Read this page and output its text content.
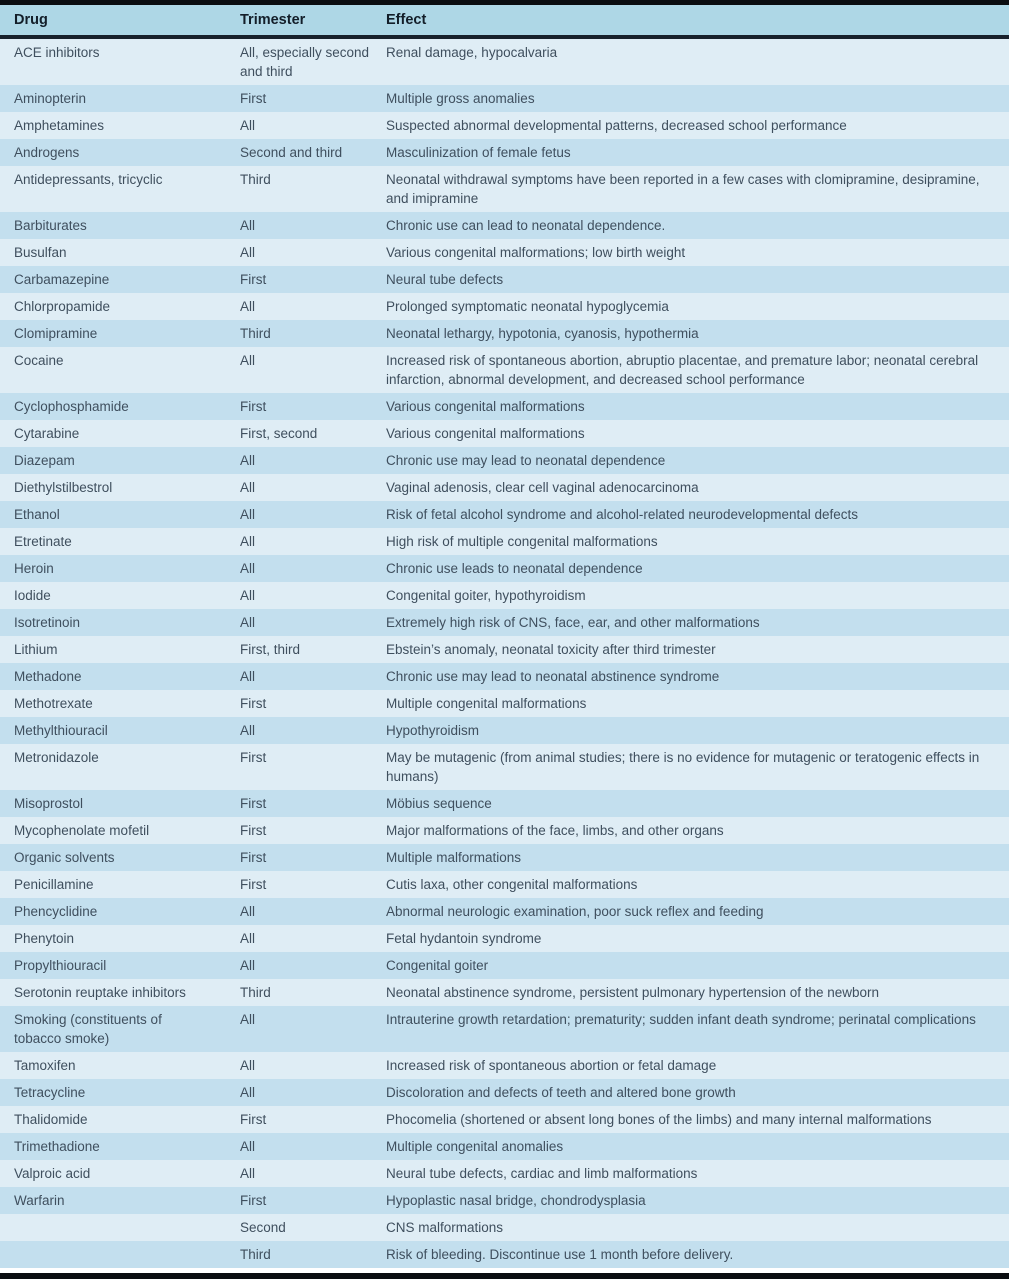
Drug	Trimester	Effect
ACE inhibitors	All, especially second and third	Renal damage, hypocalvaria
Aminopterin	First	Multiple gross anomalies
Amphetamines	All	Suspected abnormal developmental patterns, decreased school performance
Androgens	Second and third	Masculinization of female fetus
Antidepressants, tricyclic	Third	Neonatal withdrawal symptoms have been reported in a few cases with clomipramine, desipramine, and imipramine
Barbiturates	All	Chronic use can lead to neonatal dependence.
Busulfan	All	Various congenital malformations; low birth weight
Carbamazepine	First	Neural tube defects
Chlorpropamide	All	Prolonged symptomatic neonatal hypoglycemia
Clomipramine	Third	Neonatal lethargy, hypotonia, cyanosis, hypothermia
Cocaine	All	Increased risk of spontaneous abortion, abruptio placentae, and premature labor; neonatal cerebral infarction, abnormal development, and decreased school performance
Cyclophosphamide	First	Various congenital malformations
Cytarabine	First, second	Various congenital malformations
Diazepam	All	Chronic use may lead to neonatal dependence
Diethylstilbestrol	All	Vaginal adenosis, clear cell vaginal adenocarcinoma
Ethanol	All	Risk of fetal alcohol syndrome and alcohol-related neurodevelopmental defects
Etretinate	All	High risk of multiple congenital malformations
Heroin	All	Chronic use leads to neonatal dependence
Iodide	All	Congenital goiter, hypothyroidism
Isotretinoin	All	Extremely high risk of CNS, face, ear, and other malformations
Lithium	First, third	Ebstein’s anomaly, neonatal toxicity after third trimester
Methadone	All	Chronic use may lead to neonatal abstinence syndrome
Methotrexate	First	Multiple congenital malformations
Methylthiouracil	All	Hypothyroidism
Metronidazole	First	May be mutagenic (from animal studies; there is no evidence for mutagenic or teratogenic effects in humans)
Misoprostol	First	Möbius sequence
Mycophenolate mofetil	First	Major malformations of the face, limbs, and other organs
Organic solvents	First	Multiple malformations
Penicillamine	First	Cutis laxa, other congenital malformations
Phencyclidine	All	Abnormal neurologic examination, poor suck reflex and feeding
Phenytoin	All	Fetal hydantoin syndrome
Propylthiouracil	All	Congenital goiter
Serotonin reuptake inhibitors	Third	Neonatal abstinence syndrome, persistent pulmonary hypertension of the newborn
Smoking (constituents of tobacco smoke)	All	Intrauterine growth retardation; prematurity; sudden infant death syndrome; perinatal complications
Tamoxifen	All	Increased risk of spontaneous abortion or fetal damage
Tetracycline	All	Discoloration and defects of teeth and altered bone growth
Thalidomide	First	Phocomelia (shortened or absent long bones of the limbs) and many internal malformations
Trimethadione	All	Multiple congenital anomalies
Valproic acid	All	Neural tube defects, cardiac and limb malformations
Warfarin	First	Hypoplastic nasal bridge, chondrodysplasia
	Second	CNS malformations
	Third	Risk of bleeding. Discontinue use 1 month before delivery.
